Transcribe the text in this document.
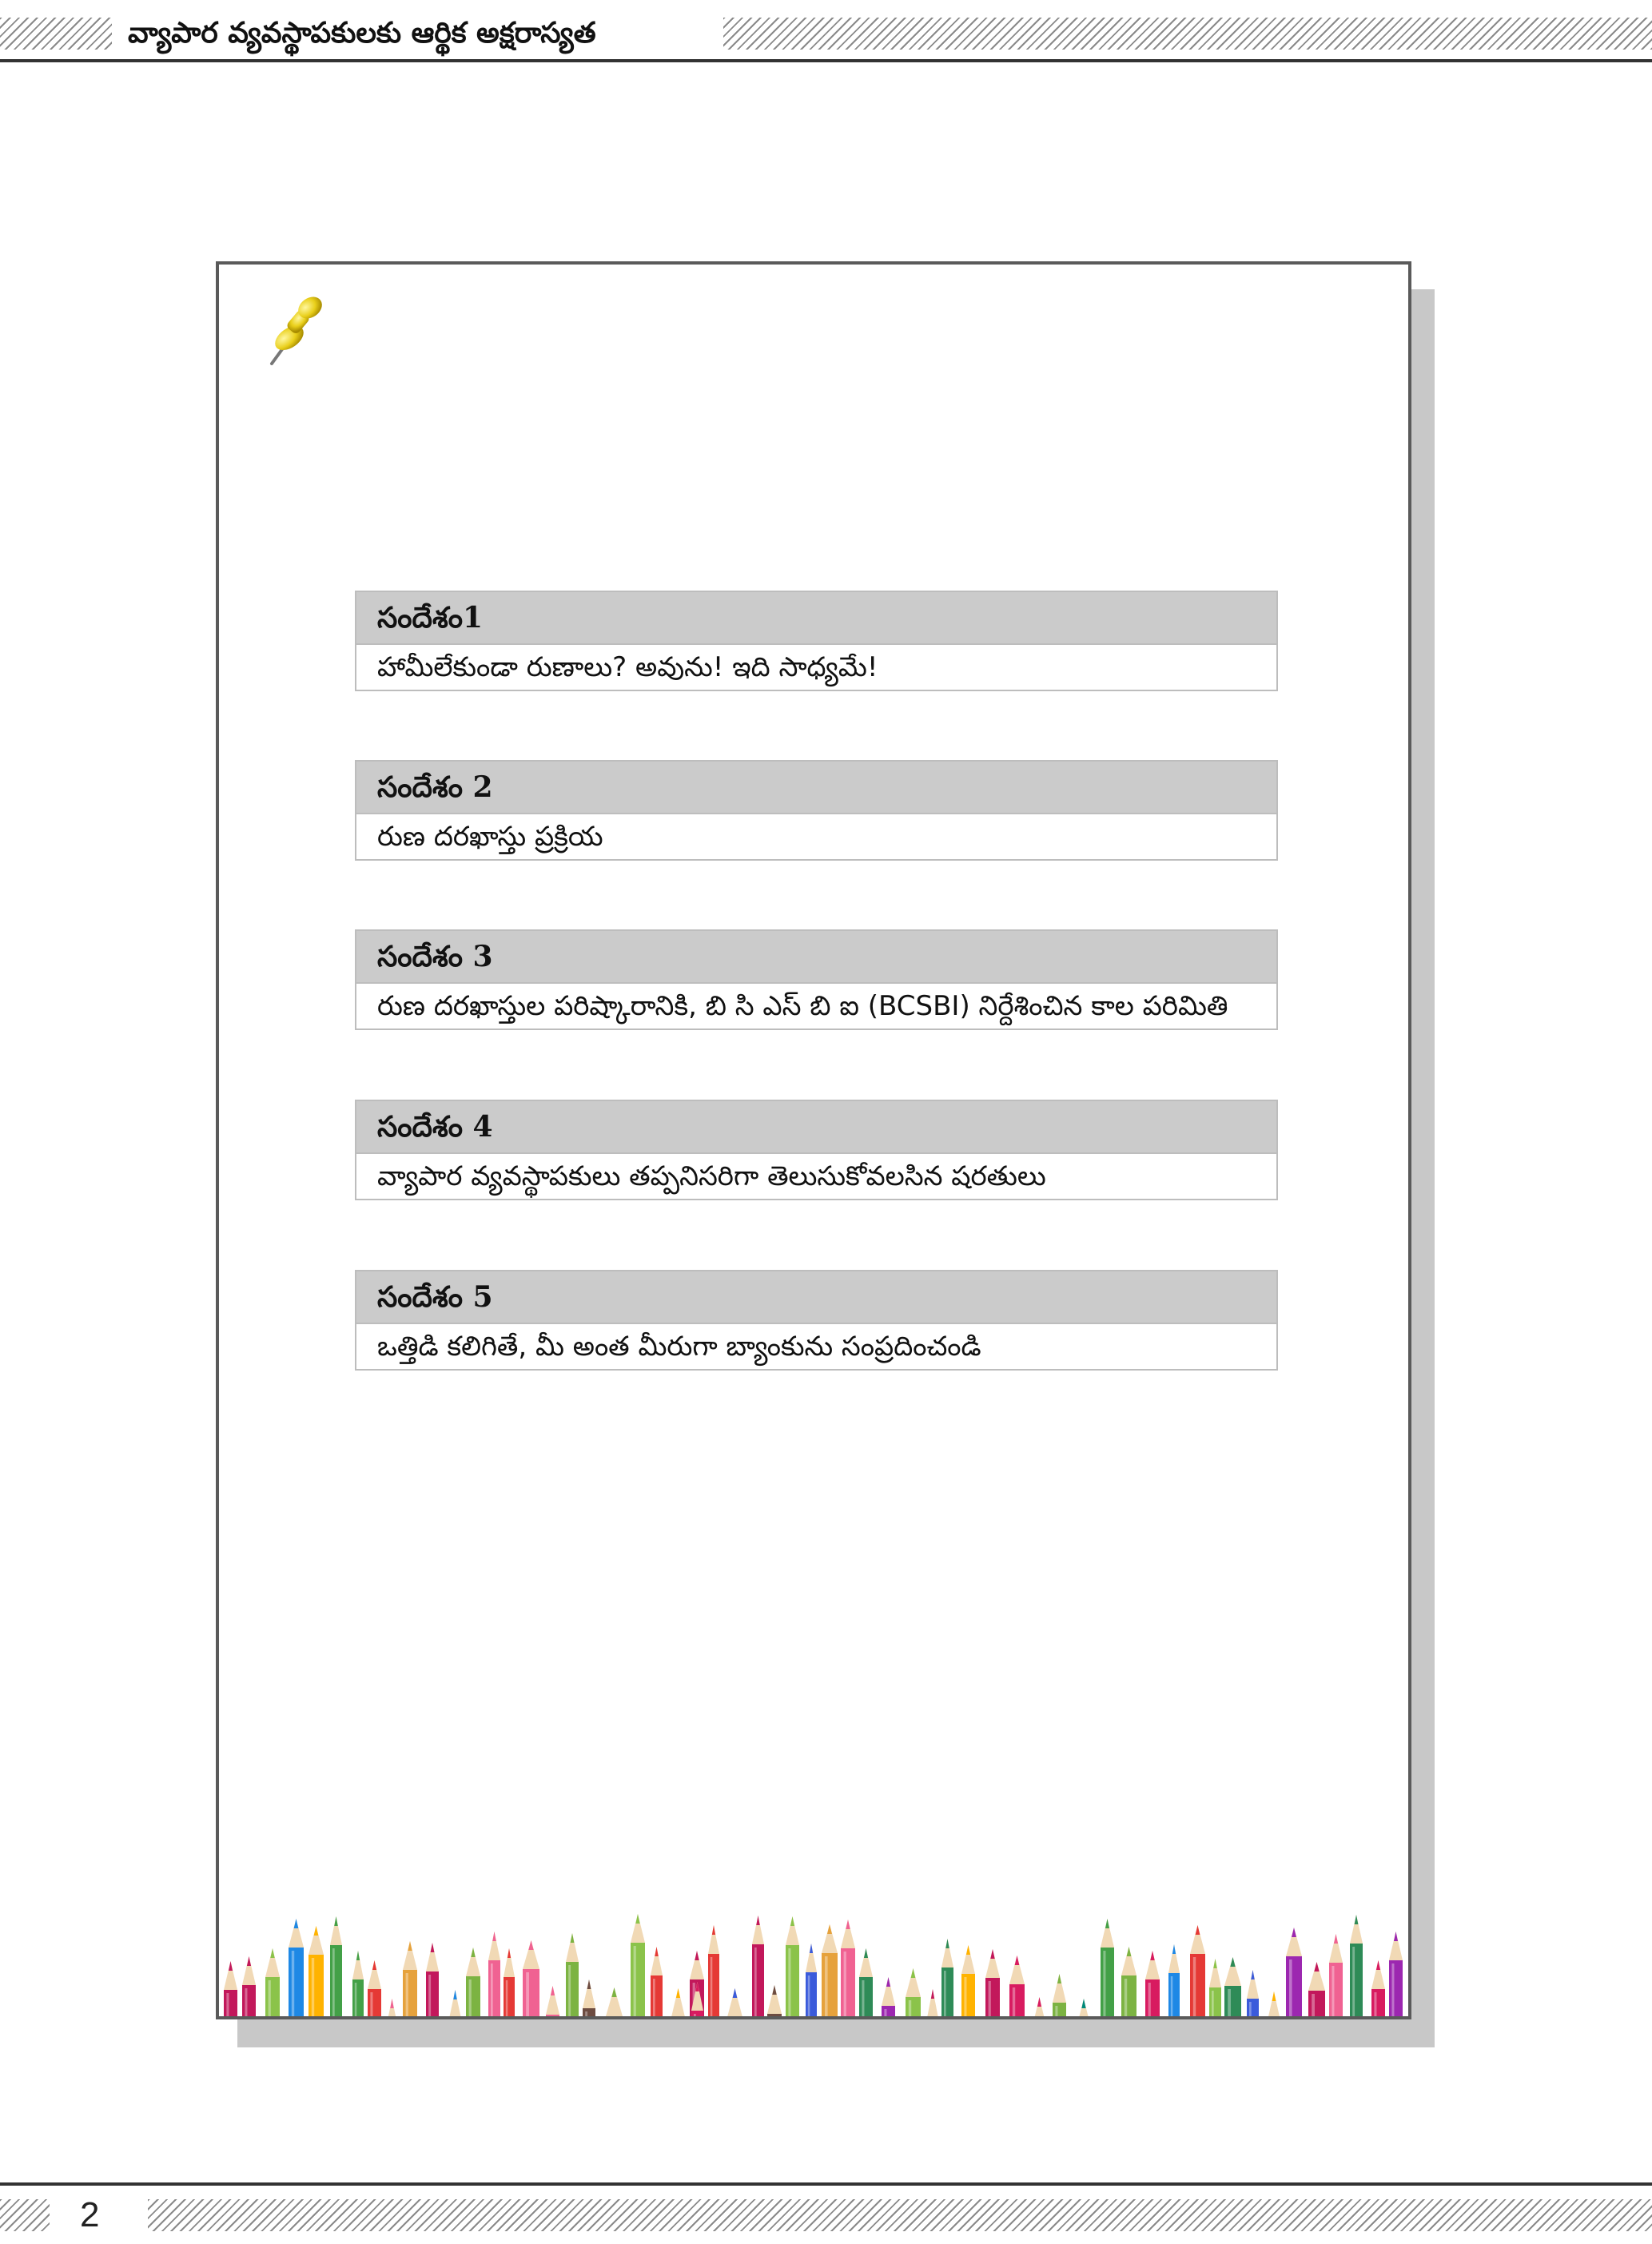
వ్యాపార వ్యవస్థాపకులకు ఆర్థిక అక్షరాస్యత
సందేశం1
హామీలేకుండా రుణాలు? అవును! ఇది సాధ్యమే!
సందేశం 2
రుణ దరఖాస్తు ప్రక్రియ
సందేశం 3
రుణ దరఖాస్తుల పరిష్కారానికి, బి సి ఎస్ బి ఐ (BCSBI) నిర్దేశించిన కాల పరిమితి
సందేశం 4
వ్యాపార వ్యవస్థాపకులు తప్పనిసరిగా తెలుసుకోవలసిన షరతులు
సందేశం 5
ఒత్తిడి కలిగితే, మీ అంత మీరుగా బ్యాంకును సంప్రదించండి
2
